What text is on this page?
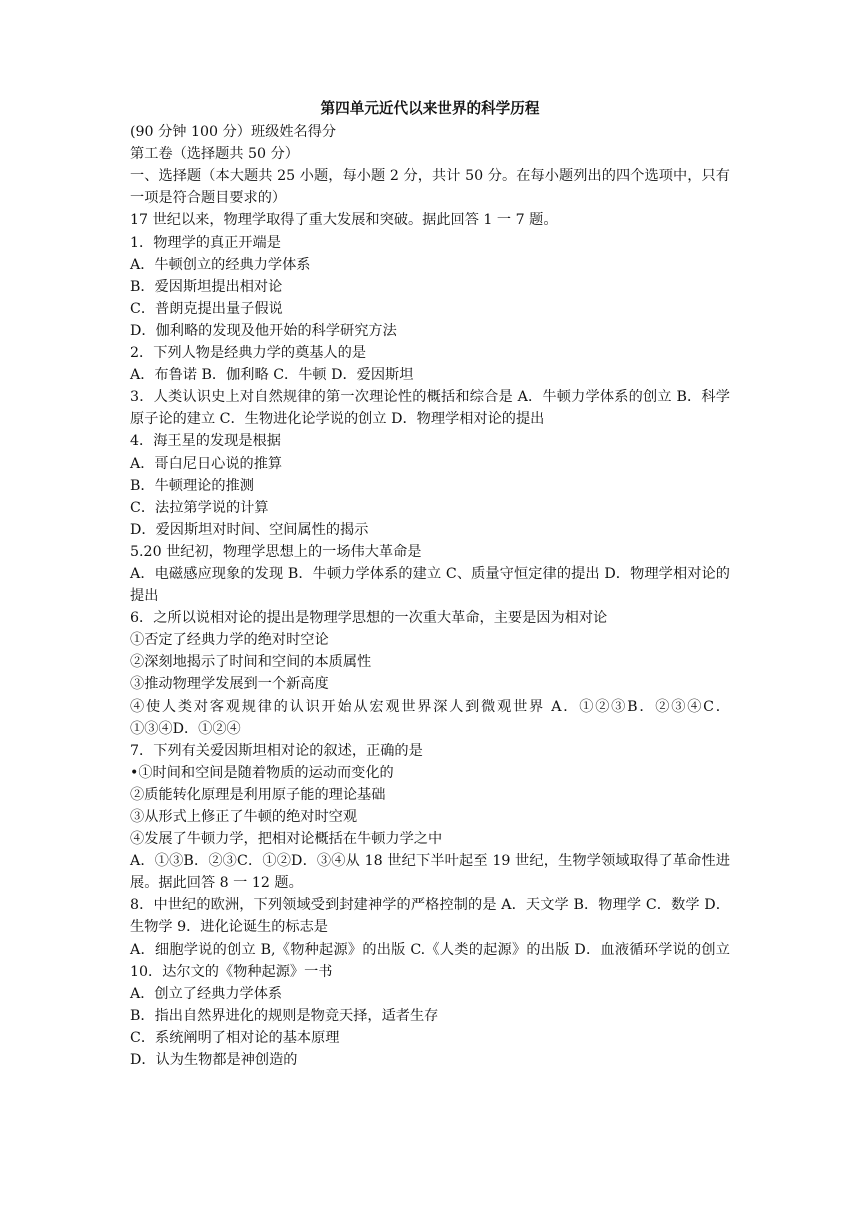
第四单元近代以来世界的科学历程
(90 分钟 100 分）班级姓名得分
第工卷（选择题共 50 分）
一、选择题（本大题共 25 小题，每小题 2 分，共计 50 分。在每小题列出的四个选项中，只有一项是符合题目要求的）
17 世纪以来，物理学取得了重大发展和突破。据此回答 1 一 7 题。
1．物理学的真正开端是
A．牛顿创立的经典力学体系
B．爱因斯坦提出相对论
C．普朗克提出量子假说
D．伽利略的发现及他开始的科学研究方法
2．下列人物是经典力学的奠基人的是
A．布鲁诺 B．伽利略 C．牛顿 D．爱因斯坦
3．人类认识史上对自然规律的第一次理论性的概括和综合是 A．牛顿力学体系的创立 B．科学原子论的建立 C．生物进化论学说的创立 D．物理学相对论的提出
4．海王星的发现是根据
A．哥白尼日心说的推算
B．牛顿理论的推测
C．法拉第学说的计算
D．爱因斯坦对时间、空间属性的揭示
5.20 世纪初，物理学思想上的一场伟大革命是
A．电磁感应现象的发现 B．牛顿力学体系的建立 C、质量守恒定律的提出 D．物理学相对论的提出
6．之所以说相对论的提出是物理学思想的一次重大革命，主要是因为相对论
①否定了经典力学的绝对时空论
②深刻地揭示了时间和空间的本质属性
③推动物理学发展到一个新高度
④使人类对客观规律的认识开始从宏观世界深人到微观世界 A．①②③B．②③④C．①③④D．①②④
7．下列有关爱因斯坦相对论的叙述，正确的是
•①时间和空间是随着物质的运动而变化的
②质能转化原理是利用原子能的理论基础
③从形式上修正了牛顿的绝对时空观
④发展了牛顿力学，把相对论概括在牛顿力学之中
A．①③B．②③C．①②D．③④从 18 世纪下半叶起至 19 世纪，生物学领域取得了革命性进展。据此回答 8 一 12 题。
8．中世纪的欧洲，下列领域受到封建神学的严格控制的是 A．天文学 B．物理学 C．数学 D．生物学 9．进化论诞生的标志是
A．细胞学说的创立 B,《物种起源》的出版 C.《人类的起源》的出版 D．血液循环学说的创立 10．达尔文的《物种起源》一书
A．创立了经典力学体系
B．指出自然界进化的规则是物竞天择，适者生存
C．系统阐明了相对论的基本原理
D．认为生物都是神创造的
